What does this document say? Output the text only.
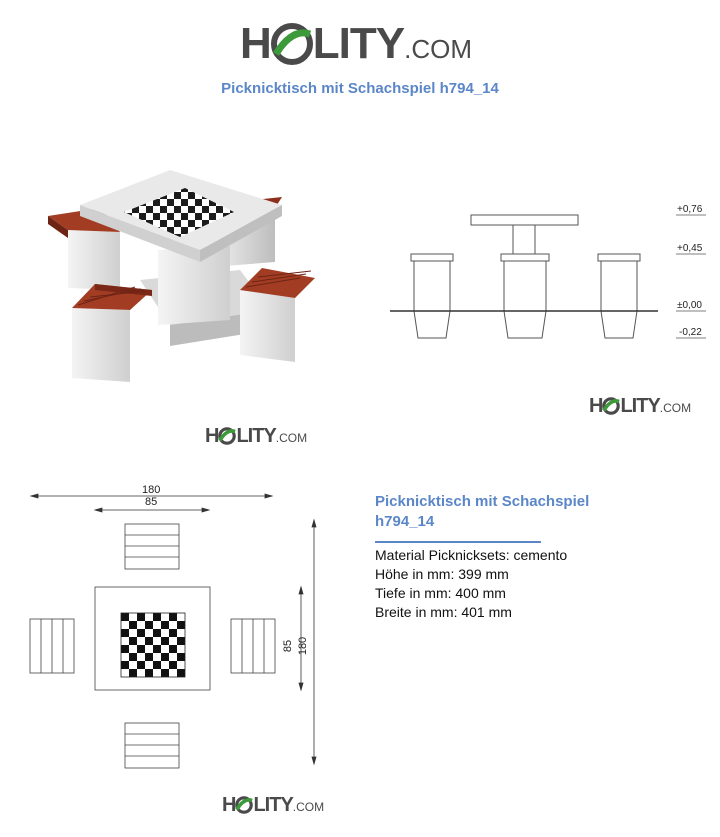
H LITY .COM
Picknicktisch mit Schachspiel h794_14
H LITY .COM
+0,76
+0,45
±0,00
-0,22
H LITY .COM
180
85
85 180
H LITY .COM
Picknicktisch mit Schachspiel
h794_14
Material Picknicksets: cemento
Höhe in mm: 399 mm
Tiefe in mm: 400 mm
Breite in mm: 401 mm
